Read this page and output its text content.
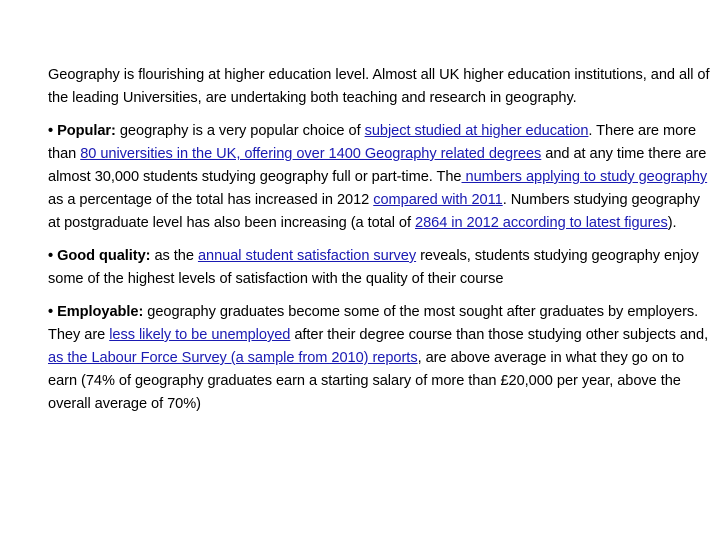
Geography is flourishing at higher education level. Almost all UK higher education institutions, and all of the leading Universities, are undertaking both teaching and research in geography.

• Popular: geography is a very popular choice of subject studied at higher education. There are more than 80 universities in the UK, offering over 1400 Geography related degrees and at any time there are almost 30,000 students studying geography full or part-time. The numbers applying to study geography as a percentage of the total has increased in 2012 compared with 2011. Numbers studying geography at postgraduate level has also been increasing (a total of 2864 in 2012 according to latest figures).

• Good quality: as the annual student satisfaction survey reveals, students studying geography enjoy some of the highest levels of satisfaction with the quality of their course

• Employable: geography graduates become some of the most sought after graduates by employers. They are less likely to be unemployed after their degree course than those studying other subjects and, as the Labour Force Survey (a sample from 2010) reports, are above average in what they go on to earn (74% of geography graduates earn a starting salary of more than £20,000 per year, above the overall average of 70%)
